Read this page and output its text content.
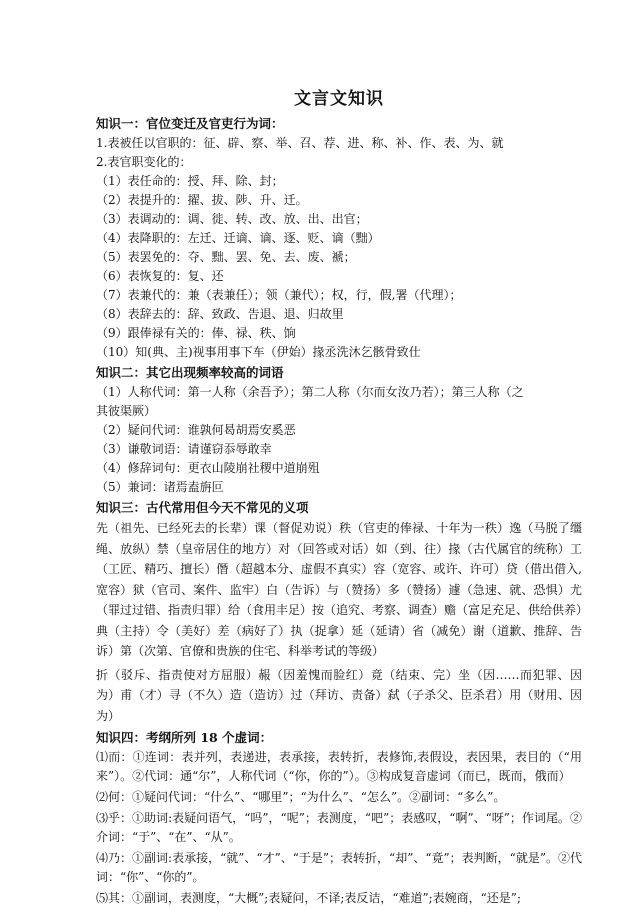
文言文知识
知识一：官位变迁及官吏行为词：
1.表被任以官职的：征、辟、察、举、召、荐、进、称、补、作、表、为、就
2.表官职变化的：
（1）表任命的：授、拜、除、封；
（2）表提升的：擢、拔、陟、升、迁。
（3）表调动的：调、徙、转、改、放、出、出官；
（4）表降职的：左迁、迁谪、谪、逐、贬、谪（黜）
（5）表罢免的：夺、黜、罢、免、去、废、褫；
（6）表恢复的：复、还
（7）表兼代的：兼（表兼任）；领（兼代）；权，行，假,署（代理）；
（8）表辞去的：辞、致政、告退、退、归故里
（9）跟俸禄有关的：俸、禄、秩、饷
（10）知(典、主)视事用事下车（伊始）掾丞洗沐乞骸骨致仕
知识二：其它出现频率较高的词语
（1）人称代词：第一人称（余吾予）；第二人称（尔而女汝乃若）；第三人称（之
其彼渠厥）
（2）疑问代词：谁孰何曷胡焉安奚恶
（3）谦敬词语：请谨窃忝辱敢幸
（4）修辞词句：更衣山陵崩社稷中道崩殂
（5）兼词：诸焉盍旃叵
知识三：古代常用但今天不常见的义项
先（祖先、已经死去的长辈）课（督促劝说）秩（官吏的俸禄、十年为一秩）逸（马脱了缰绳、放纵）禁（皇帝居住的地方）对（回答或对话）如（到、往）掾（古代属官的统称）工（工匠、精巧、擅长）僭（超越本分、虚假不真实）容（宽容、或许、许可）贷（借出借入,宽容）狱（官司、案件、监牢）白（告诉）与（赞扬）多（赞扬）遽（急速、就、恐惧）尤（罪过过错、指责归罪）给（食用丰足）按（追究、考察、调查）赡（富足充足、供给供养）典（主持）令（美好）差（病好了）执（捉拿）延（延请）省（减免）谢（道歉、推辞、告诉）第（次第、官僚和贵族的住宅、科举考试的等级）
折（驳斥、指责使对方屈服）赧（因羞愧而脸红）竟（结束、完）坐（因……而犯罪、因为）甫（才）寻（不久）造（造访）过（拜访、责备）弑（子杀父、臣杀君）用（财用、因为）
知识四：考纲所列 18 个虚词：
⑴而：①连词：表并列，表递进，表承接，表转折，表修饰,表假设，表因果，表目的（“用来”）。②代词：通“尔”，人称代词（“你，你的”）。③构成复音虚词（而已，既而，俄而）
⑵何：①疑问代词：“什么”、“哪里”；“为什么”、“怎么”。②副词：“多么”。
⑶乎：①助词:表疑问语气，“吗”，“呢”；表测度，“吧”；表感叹，“啊”、“呀”；作词尾。②介词：“于”、“在”、“从”。
⑷乃：①副词:表承接，“就”、“才”、“于是”；表转折，“却”、“竟”；表判断，“就是”。②代词：“你”、“你的”。
⑸其：①副词，表测度，“大概”;表疑问，不译;表反诘，“难道”;表婉商，“还是”;
